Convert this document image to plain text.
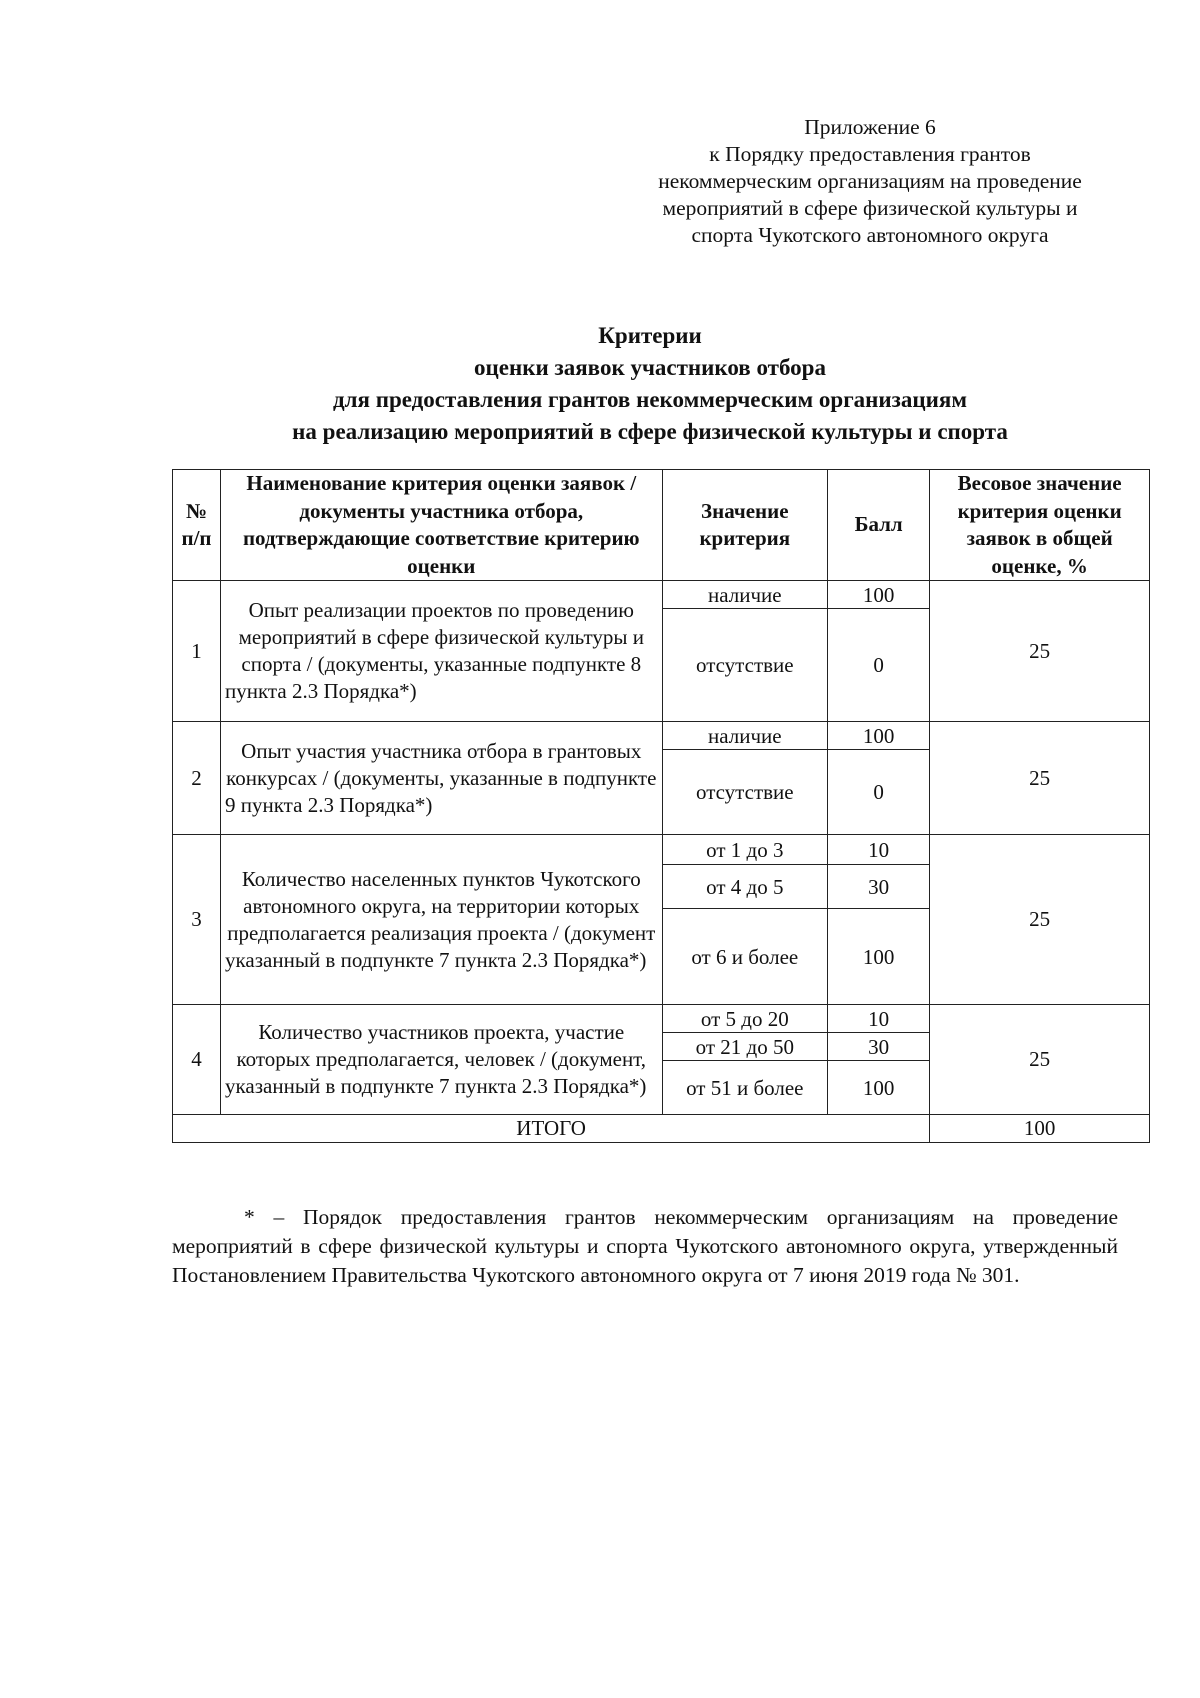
Приложение 6
к Порядку предоставления грантов
некоммерческим организациям на проведение
мероприятий в сфере физической культуры и
спорта Чукотского автономного округа
Критерии
оценки заявок участников отбора
для предоставления грантов некоммерческим организациям
на реализацию мероприятий в сфере физической культуры и спорта
№ п/п	Наименование критерия оценки заявок / документы участника отбора, подтверждающие соответствие критерию оценки	Значение критерия	Балл	Весовое значение критерия оценки заявок в общей оценке, %
1	Опыт реализации проектов по проведению мероприятий в сфере физической культуры и спорта / (документы, указанные подпункте 8 пункта 2.3 Порядка*)	наличие	100	25
		отсутствие	0	
2	Опыт участия участника отбора в грантовых конкурсах / (документы, указанные в подпункте 9 пункта 2.3 Порядка*)	наличие	100	25
		отсутствие	0	
3	Количество населенных пунктов Чукотского автономного округа, на территории которых предполагается реализация проекта / (документ указанный в подпункте 7 пункта 2.3 Порядка*)	от 1 до 3	10	25
		от 4 до 5	30	
		от 6 и более	100	
4	Количество участников проекта, участие которых предполагается, человек / (документ, указанный в подпункте 7 пункта 2.3 Порядка*)	от 5 до 20	10	25
		от 21 до 50	30	
		от 51 и более	100	
ИТОГО				100
* – Порядок предоставления грантов некоммерческим организациям на проведение мероприятий в сфере физической культуры и спорта Чукотского автономного округа, утвержденный Постановлением Правительства Чукотского автономного округа от 7 июня 2019 года № 301.
